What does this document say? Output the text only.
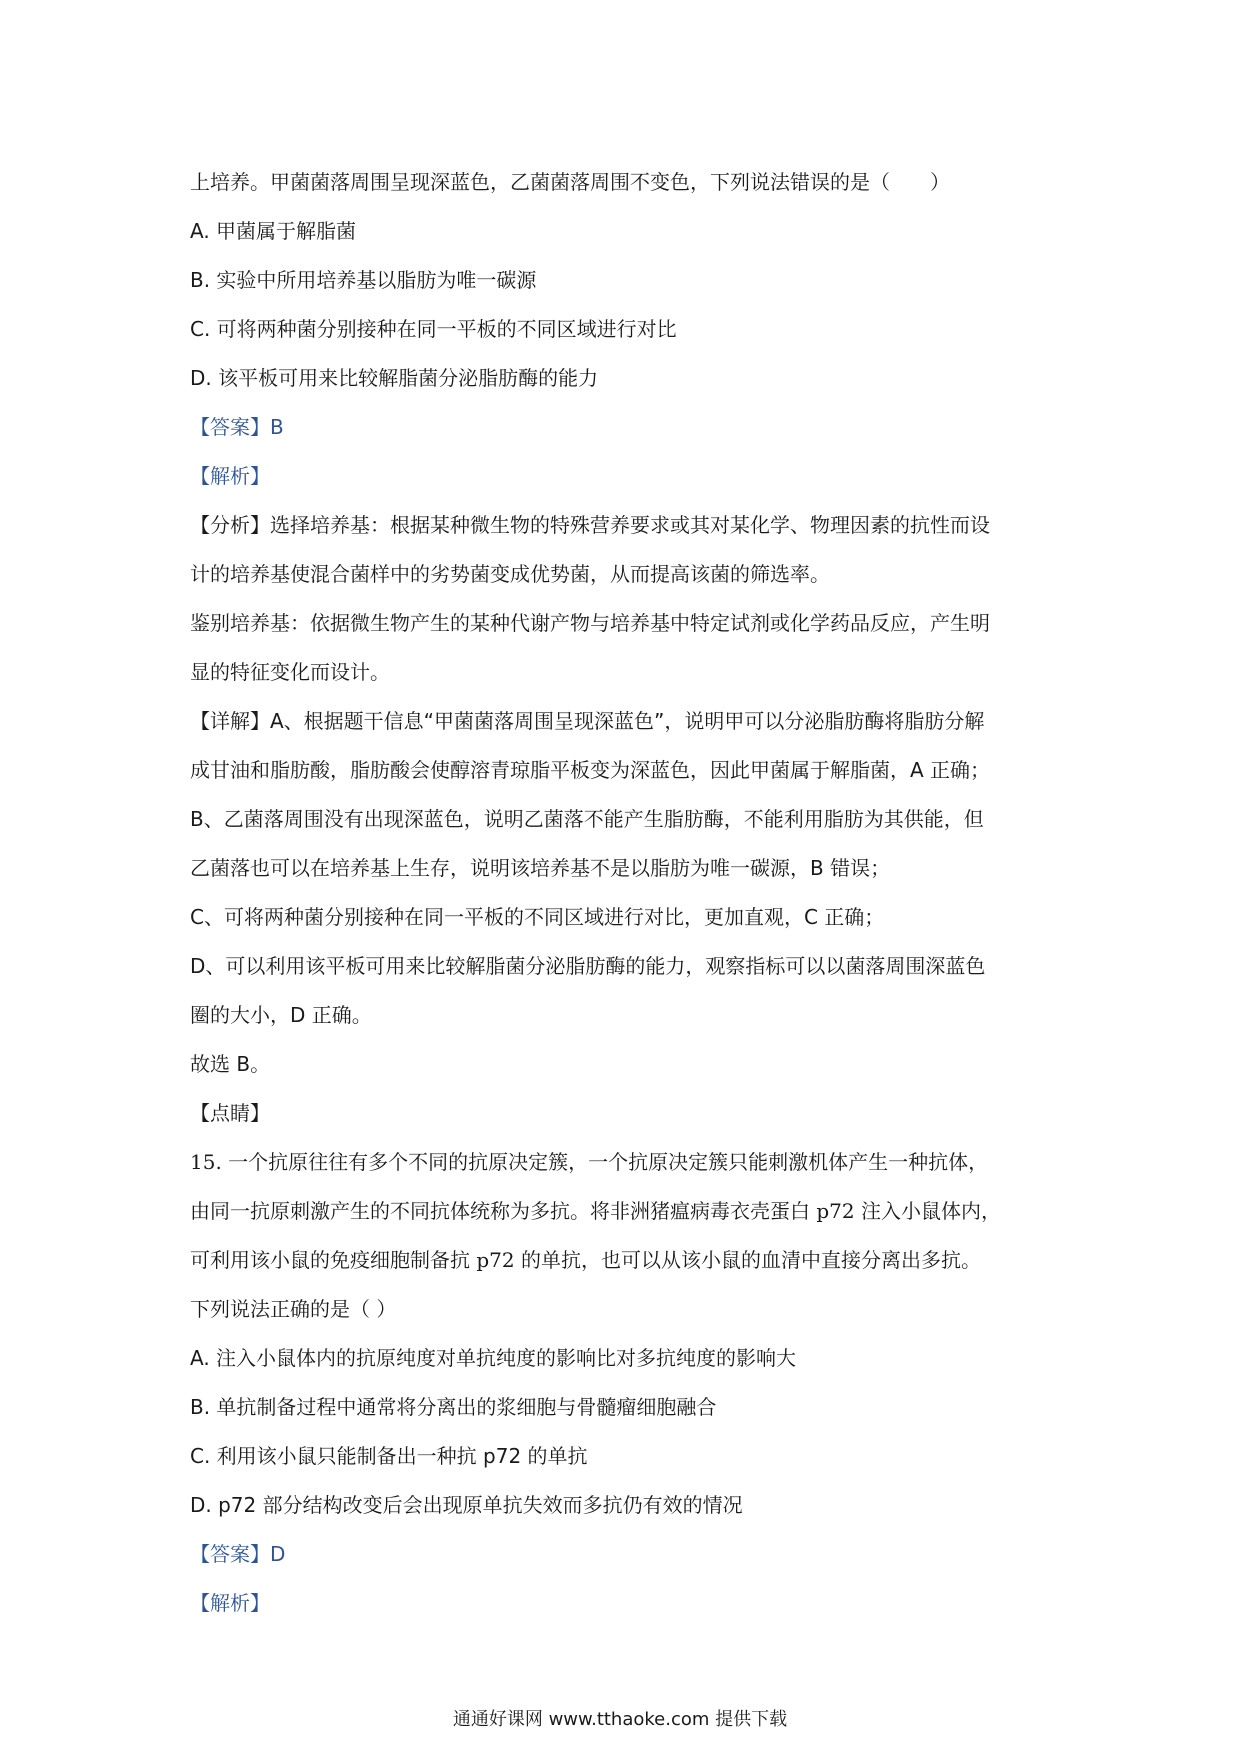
上培养。甲菌菌落周围呈现深蓝色，乙菌菌落周围不变色，下列说法错误的是（　　）
A. 甲菌属于解脂菌
B. 实验中所用培养基以脂肪为唯一碳源
C. 可将两种菌分别接种在同一平板的不同区域进行对比
D. 该平板可用来比较解脂菌分泌脂肪酶的能力
【答案】B
【解析】
【分析】选择培养基：根据某种微生物的特殊营养要求或其对某化学、物理因素的抗性而设
计的培养基使混合菌样中的劣势菌变成优势菌，从而提高该菌的筛选率。
鉴别培养基：依据微生物产生的某种代谢产物与培养基中特定试剂或化学药品反应，产生明
显的特征变化而设计。
【详解】A、根据题干信息“甲菌菌落周围呈现深蓝色”，说明甲可以分泌脂肪酶将脂肪分解
成甘油和脂肪酸，脂肪酸会使醇溶青琼脂平板变为深蓝色，因此甲菌属于解脂菌，A 正确；
B、乙菌落周围没有出现深蓝色，说明乙菌落不能产生脂肪酶，不能利用脂肪为其供能，但
乙菌落也可以在培养基上生存，说明该培养基不是以脂肪为唯一碳源，B 错误；
C、可将两种菌分别接种在同一平板的不同区域进行对比，更加直观，C 正确；
D、可以利用该平板可用来比较解脂菌分泌脂肪酶的能力，观察指标可以以菌落周围深蓝色
圈的大小，D 正确。
故选 B。
【点睛】
15. 一个抗原往往有多个不同的抗原决定簇，一个抗原决定簇只能刺激机体产生一种抗体，
由同一抗原刺激产生的不同抗体统称为多抗。将非洲猪瘟病毒衣壳蛋白 p72 注入小鼠体内，
可利用该小鼠的免疫细胞制备抗 p72 的单抗，也可以从该小鼠的血清中直接分离出多抗。
下列说法正确的是（ ）
A. 注入小鼠体内的抗原纯度对单抗纯度的影响比对多抗纯度的影响大
B. 单抗制备过程中通常将分离出的浆细胞与骨髓瘤细胞融合
C. 利用该小鼠只能制备出一种抗 p72 的单抗
D. p72 部分结构改变后会出现原单抗失效而多抗仍有效的情况
【答案】D
【解析】
通通好课网 www.tthaoke.com 提供下载
